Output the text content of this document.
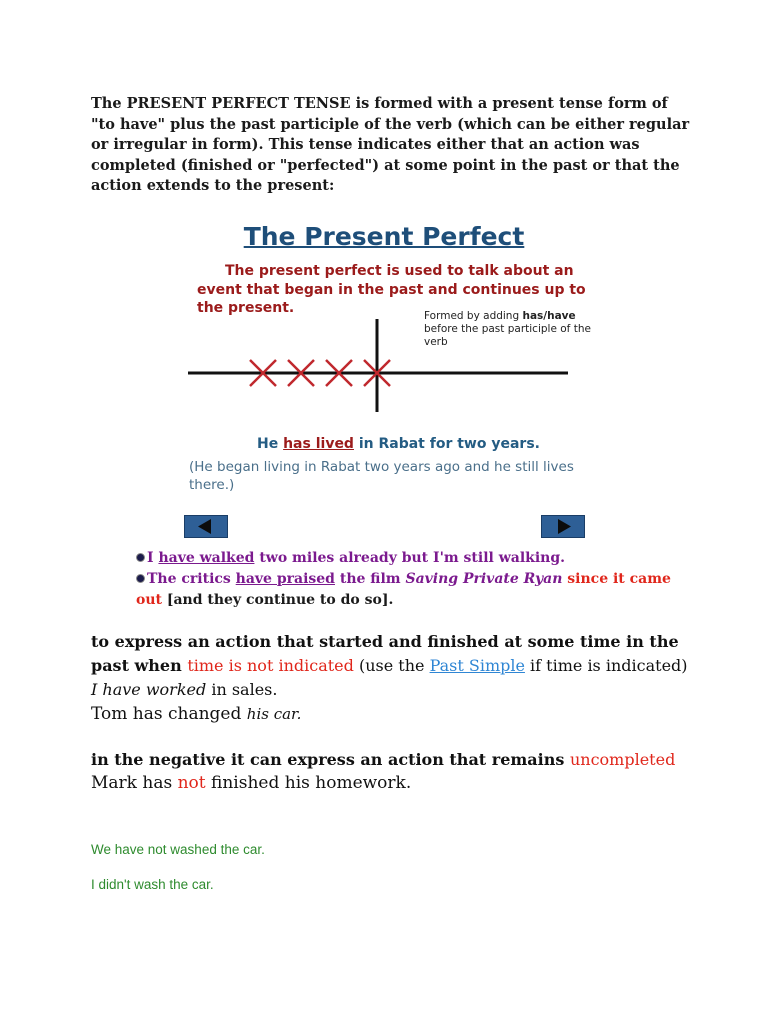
The PRESENT PERFECT TENSE is formed with a present tense form of "to have" plus the past participle of the verb (which can be either regular or irregular in form). This tense indicates either that an action was completed (finished or "perfected") at some point in the past or that the action extends to the present:
The Present Perfect
The present perfect is used to talk about an event that began in the past and continues up to the present.	Formed by adding has/have before the past participle of the verb
He has lived in Rabat for two years.
(He began living in Rabat two years ago and he still lives there.)
I have walked two miles already but I'm still walking.
The critics have praised the film Saving Private Ryan since it came out [and they continue to do so].
to express an action that started and finished at some time in the past when time is not indicated (use the Past Simple if time is indicated)
I have worked in sales.
Tom has changed his car.
in the negative it can express an action that remains uncompleted
Mark has not finished his homework.
We have not washed the car.
I didn't wash the car.
